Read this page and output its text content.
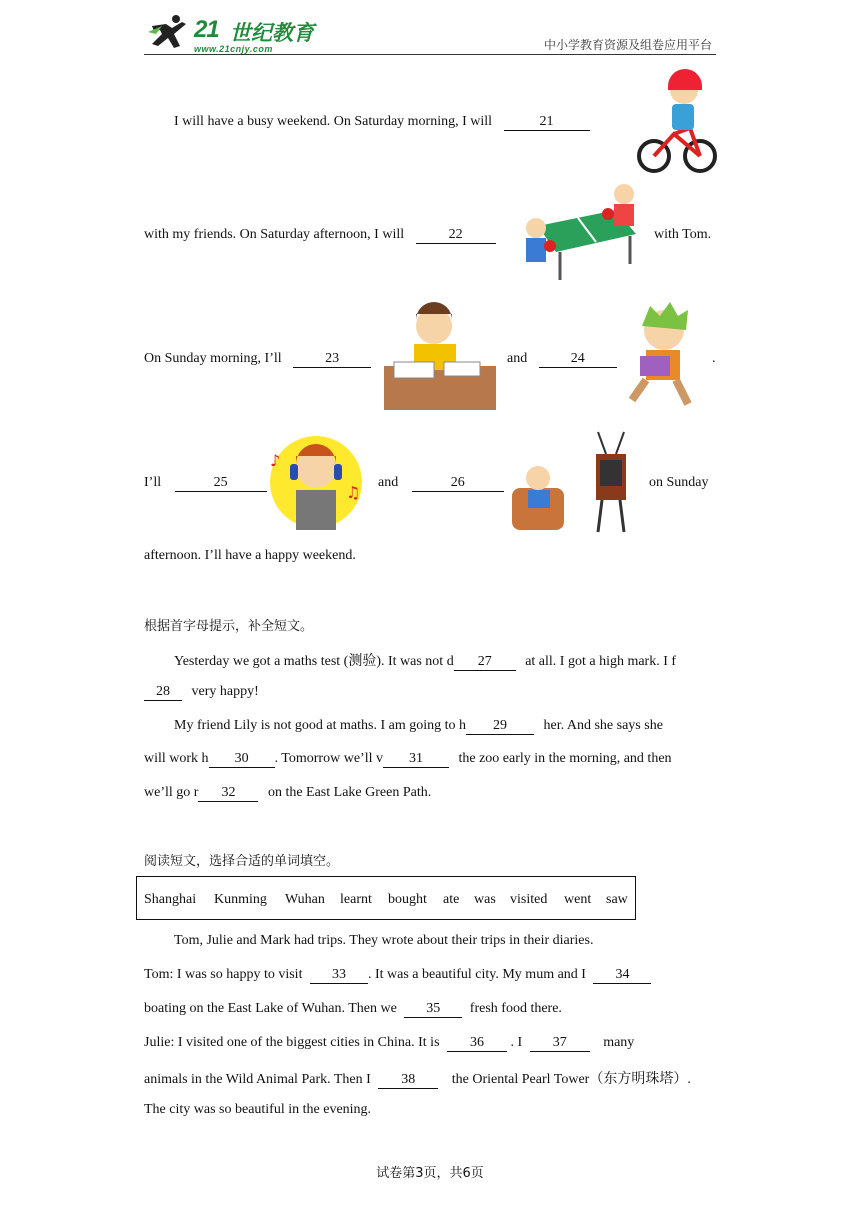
21 世纪教育
www.21cnjy.com	中小学教育资源及组卷应用平台
I will have a busy weekend. On Saturday morning, I will	21
with my friends. On Saturday afternoon, I will	22	with Tom.
On Sunday morning, I’ll	23	and	24	.
I’ll	25
♪
♫
and	26	on Sunday
afternoon. I’ll have a happy weekend.
根据首字母提示，补全短文。
Yesterday we got a maths test (测验). It was not d 27 at all. I got a high mark. I f
28 very happy!
My friend Lily is not good at maths. I am going to h 29	her. And she says she
will work h 30 . Tomorrow we’ll v 31	the zoo early in the morning, and then
we’ll go r 32 on the East Lake Green Path.
阅读短文，选择合适的单词填空。
Shanghai Kunming Wuhan learnt bought ate was visited went saw
Tom, Julie and Mark had trips. They wrote about their trips in their diaries.
Tom: I was so happy to visit 33 . It was a beautiful city. My mum and I 34
boating on the East Lake of Wuhan. Then we 35 fresh food there.
Julie: I visited one of the biggest cities in China. It is 36 . I 37	many
animals in the Wild Animal Park. Then I 38	the Oriental Pearl Tower（东方明珠塔）.
The city was so beautiful in the evening.
试卷第3页，共6页
